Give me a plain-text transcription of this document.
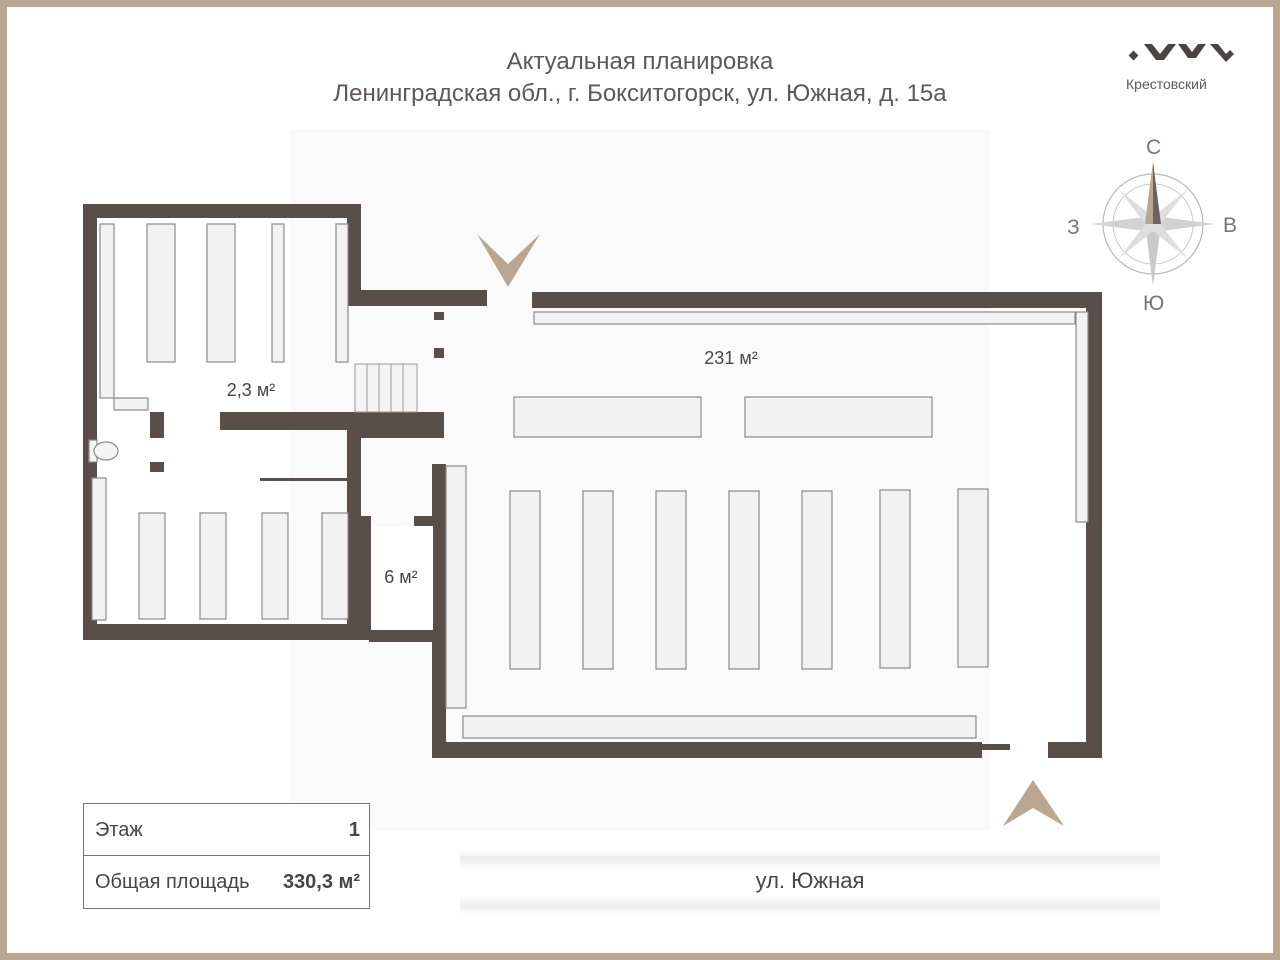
Актуальная планировка
Ленинградская обл., г. Бокситогорск, ул. Южная, д. 15а	Крестовский
231 м²
2,3 м²
6 м²
С
Ю
З	В
Этаж	1
Общая площадь 330,3 м²	ул. Южная
